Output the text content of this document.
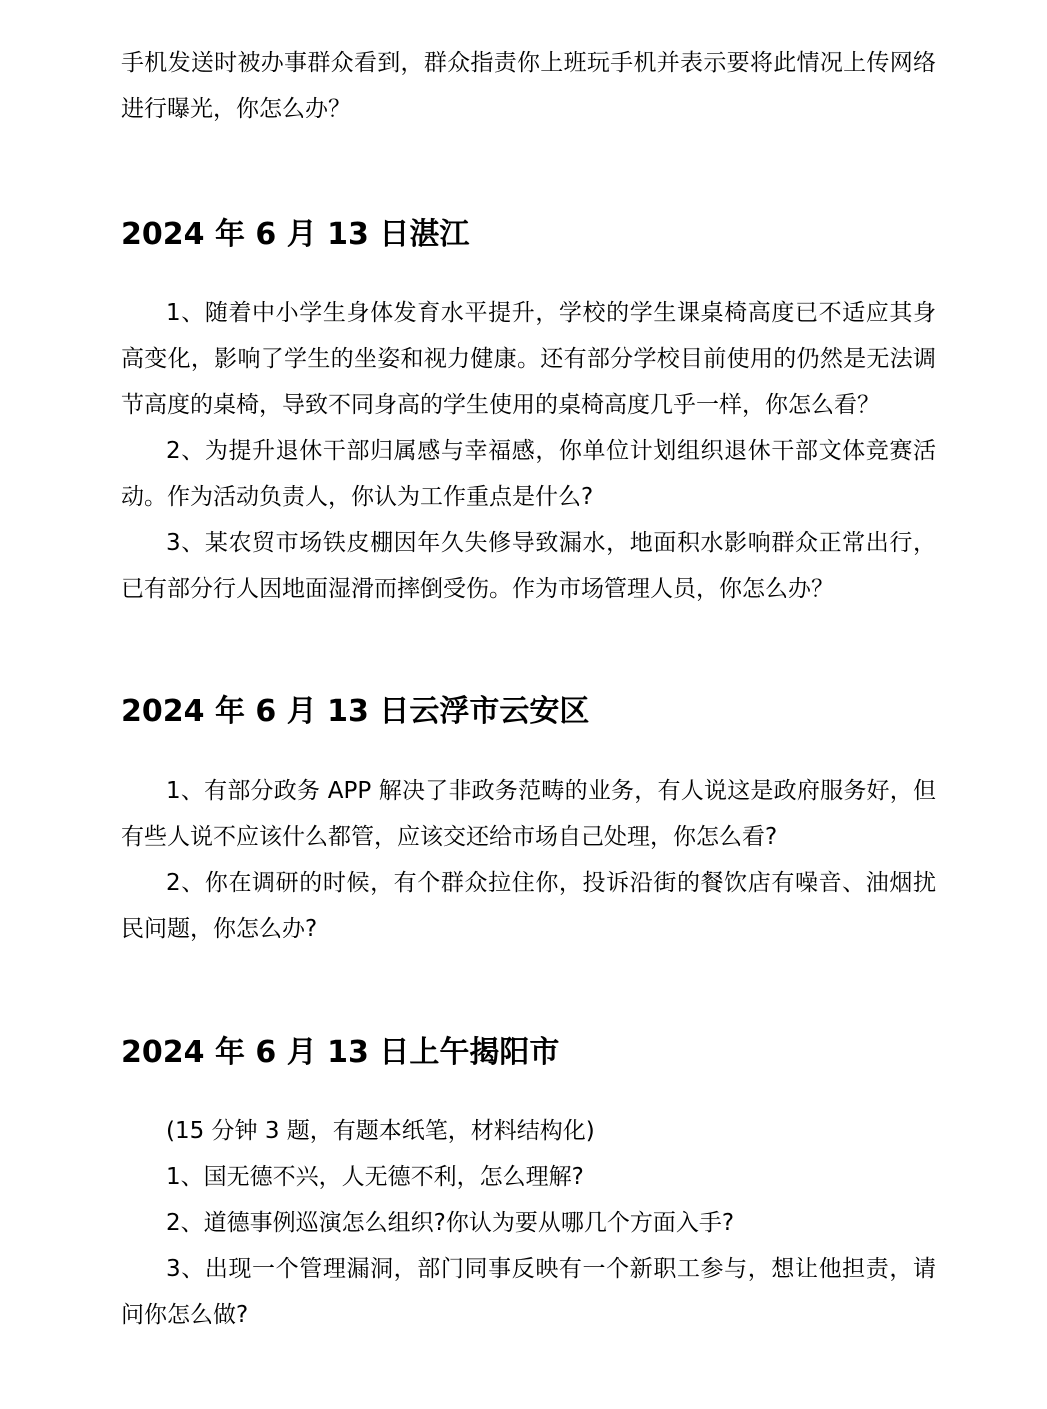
手机发送时被办事群众看到，群众指责你上班玩手机并表示要将此情况上传网络
进行曝光，你怎么办？
2024 年 6 月 13 日湛江
1、随着中小学生身体发育水平提升，学校的学生课桌椅高度已不适应其身
高变化，影响了学生的坐姿和视力健康。还有部分学校目前使用的仍然是无法调
节高度的桌椅，导致不同身高的学生使用的桌椅高度几乎一样，你怎么看？
2、为提升退休干部归属感与幸福感，你单位计划组织退休干部文体竞赛活
动。作为活动负责人，你认为工作重点是什么?
3、某农贸市场铁皮棚因年久失修导致漏水，地面积水影响群众正常出行，
已有部分行人因地面湿滑而摔倒受伤。作为市场管理人员，你怎么办？
2024 年 6 月 13 日云浮市云安区
1、有部分政务 APP 解决了非政务范畴的业务，有人说这是政府服务好，但
有些人说不应该什么都管，应该交还给市场自己处理，你怎么看?
2、你在调研的时候，有个群众拉住你，投诉沿街的餐饮店有噪音、油烟扰
民问题，你怎么办?
2024 年 6 月 13 日上午揭阳市
(15 分钟 3 题，有题本纸笔，材料结构化)
1、国无德不兴，人无德不利，怎么理解?
2、道德事例巡演怎么组织?你认为要从哪几个方面入手?
3、出现一个管理漏洞，部门同事反映有一个新职工参与，想让他担责，请
问你怎么做?
